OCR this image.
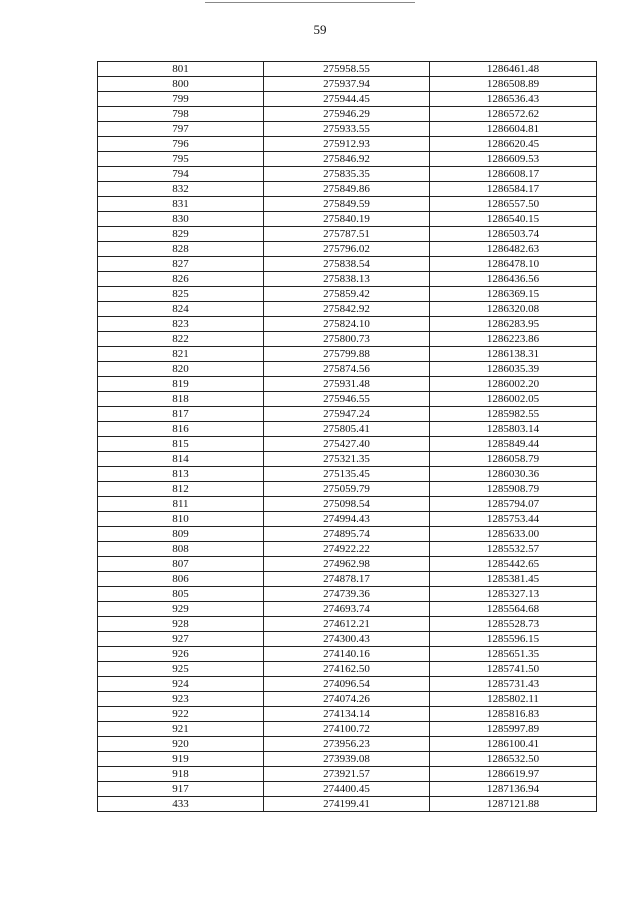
59
801	275958.55	1286461.48
800	275937.94	1286508.89
799	275944.45	1286536.43
798	275946.29	1286572.62
797	275933.55	1286604.81
796	275912.93	1286620.45
795	275846.92	1286609.53
794	275835.35	1286608.17
832	275849.86	1286584.17
831	275849.59	1286557.50
830	275840.19	1286540.15
829	275787.51	1286503.74
828	275796.02	1286482.63
827	275838.54	1286478.10
826	275838.13	1286436.56
825	275859.42	1286369.15
824	275842.92	1286320.08
823	275824.10	1286283.95
822	275800.73	1286223.86
821	275799.88	1286138.31
820	275874.56	1286035.39
819	275931.48	1286002.20
818	275946.55	1286002.05
817	275947.24	1285982.55
816	275805.41	1285803.14
815	275427.40	1285849.44
814	275321.35	1286058.79
813	275135.45	1286030.36
812	275059.79	1285908.79
811	275098.54	1285794.07
810	274994.43	1285753.44
809	274895.74	1285633.00
808	274922.22	1285532.57
807	274962.98	1285442.65
806	274878.17	1285381.45
805	274739.36	1285327.13
929	274693.74	1285564.68
928	274612.21	1285528.73
927	274300.43	1285596.15
926	274140.16	1285651.35
925	274162.50	1285741.50
924	274096.54	1285731.43
923	274074.26	1285802.11
922	274134.14	1285816.83
921	274100.72	1285997.89
920	273956.23	1286100.41
919	273939.08	1286532.50
918	273921.57	1286619.97
917	274400.45	1287136.94
433	274199.41	1287121.88
